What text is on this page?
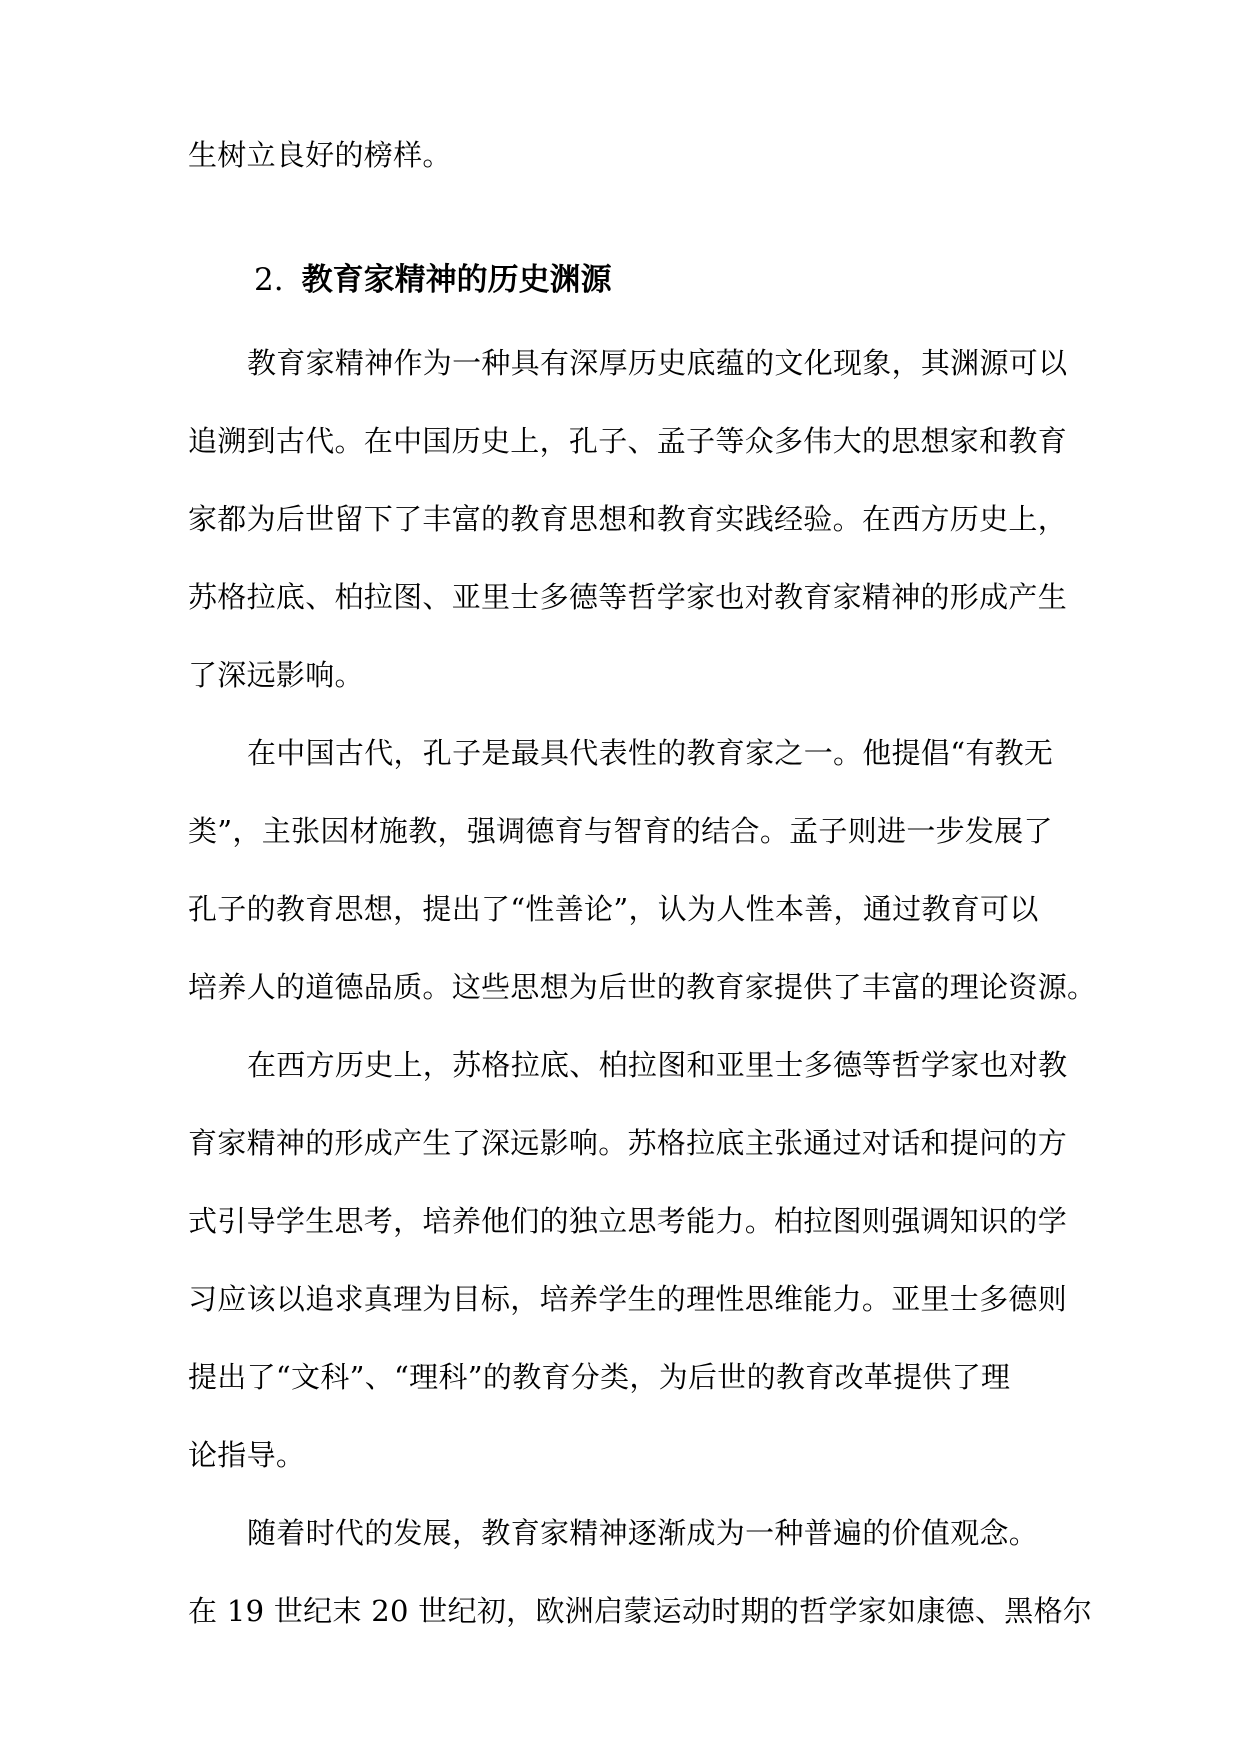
生树立良好的榜样。
2. 教育家精神的历史渊源
教育家精神作为一种具有深厚历史底蕴的文化现象，其渊源可以
追溯到古代。在中国历史上，孔子、孟子等众多伟大的思想家和教育
家都为后世留下了丰富的教育思想和教育实践经验。在西方历史上，
苏格拉底、柏拉图、亚里士多德等哲学家也对教育家精神的形成产生
了深远影响。
在中国古代，孔子是最具代表性的教育家之一。他提倡“有教无
类”，主张因材施教，强调德育与智育的结合。孟子则进一步发展了
孔子的教育思想，提出了“性善论”，认为人性本善，通过教育可以
培养人的道德品质。这些思想为后世的教育家提供了丰富的理论资源。
在西方历史上，苏格拉底、柏拉图和亚里士多德等哲学家也对教
育家精神的形成产生了深远影响。苏格拉底主张通过对话和提问的方
式引导学生思考，培养他们的独立思考能力。柏拉图则强调知识的学
习应该以追求真理为目标，培养学生的理性思维能力。亚里士多德则
提出了“文科”、“理科”的教育分类，为后世的教育改革提供了理
论指导。
随着时代的发展，教育家精神逐渐成为一种普遍的价值观念。
在 19 世纪末 20 世纪初，欧洲启蒙运动时期的哲学家如康德、黑格尔
